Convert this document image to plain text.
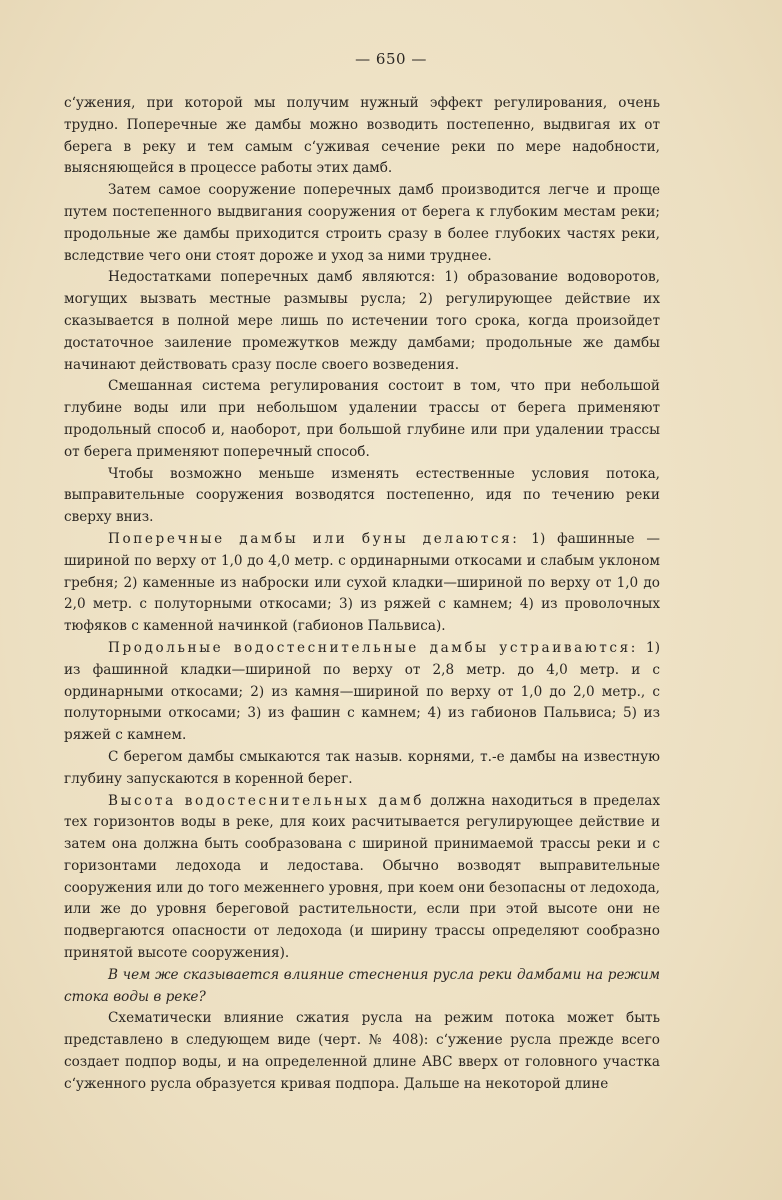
— 650 —

с‘ужения, при которой мы получим нужный эффект регулирования, очень трудно. Поперечные же дамбы можно возводить постепенно, выдвигая их от берега в реку и тем самым с‘уживая сечение реки по мере надобности, выясняющейся в процессе работы этих дамб.

Затем самое сооружение поперечных дамб производится легче и проще путем постепенного выдвигания сооружения от берега к глубоким местам реки; продольные же дамбы приходится строить сразу в более глубоких частях реки, вследствие чего они стоят дороже и уход за ними труднее.

Недостатками поперечных дамб являются: 1) образование водоворотов, могущих вызвать местные размывы русла; 2) регулирующее действие их сказывается в полной мере лишь по истечении того срока, когда произойдет достаточное заиление промежутков между дамбами; продольные же дамбы начинают действовать сразу после своего возведения.

Смешанная система регулирования состоит в том, что при небольшой глубине воды или при небольшом удалении трассы от берега применяют продольный способ и, наоборот, при большой глубине или при удалении трассы от берега применяют поперечный способ.

Чтобы возможно меньше изменять естественные условия потока, выправительные сооружения возводятся постепенно, идя по течению реки сверху вниз.

Поперечные дамбы или буны делаются: 1) фашинные — шириной по верху от 1,0 до 4,0 метр. с ординарными откосами и слабым уклоном гребня; 2) каменные из наброски или сухой кладки—шириной по верху от 1,0 до 2,0 метр. с полуторными откосами; 3) из ряжей с камнем; 4) из проволочных тюфяков с каменной начинкой (габионов Пальвиса).

Продольные водостеснительные дамбы устраиваются: 1) из фашинной кладки—шириной по верху от 2,8 метр. до 4,0 метр. и с ординарными откосами; 2) из камня—шириной по верху от 1,0 до 2,0 метр., с полуторными откосами; 3) из фашин с камнем; 4) из габионов Пальвиса; 5) из ряжей с камнем.

С берегом дамбы смыкаются так назыв. корнями, т.-е дамбы на известную глубину запускаются в коренной берег.

Высота водостеснительных дамб должна находиться в пределах тех горизонтов воды в реке, для коих расчитывается регулирующее действие и затем она должна быть сообразована с шириной принимаемой трассы реки и с горизонтами ледохода и ледостава. Обычно возводят выправительные сооружения или до того меженнего уровня, при коем они безопасны от ледохода, или же до уровня береговой растительности, если при этой высоте они не подвергаются опасности от ледохода (и ширину трассы определяют сообразно принятой высоте сооружения).

В чем же сказывается влияние стеснения русла реки дамбами на режим стока воды в реке?

Схематически влияние сжатия русла на режим потока может быть представлено в следующем виде (черт. № 408): с‘ужение русла прежде всего создает подпор воды, и на определенной длине ABC вверх от головного участка с‘уженного русла образуется кривая подпора. Дальше на некоторой длине
